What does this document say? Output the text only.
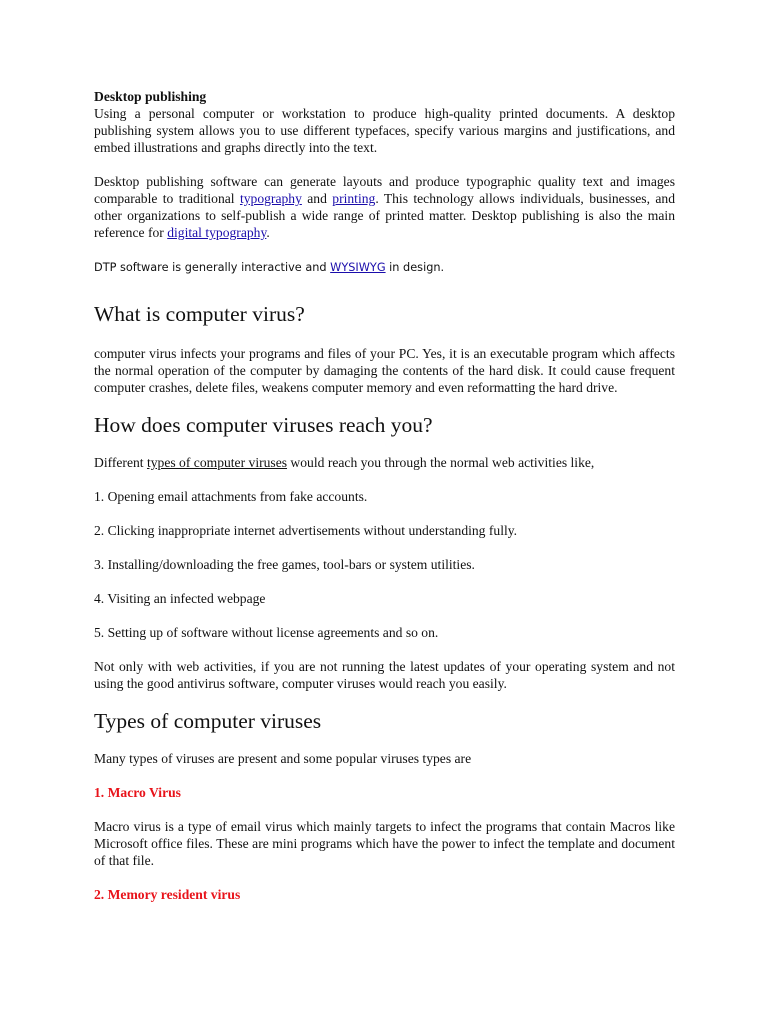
Desktop publishing

Using a personal computer or workstation to produce high-quality printed documents. A desktop publishing system allows you to use different typefaces, specify various margins and justifications, and embed illustrations and graphs directly into the text.

Desktop publishing software can generate layouts and produce typographic quality text and images comparable to traditional typography and printing. This technology allows individuals, businesses, and other organizations to self-publish a wide range of printed matter. Desktop publishing is also the main reference for digital typography.

DTP software is generally interactive and WYSIWYG in design.

What is computer virus?

computer virus infects your programs and files of your PC. Yes, it is an executable program which affects the normal operation of the computer by damaging the contents of the hard disk. It could cause frequent computer crashes, delete files, weakens computer memory and even reformatting the hard drive.

How does computer viruses reach you?

Different types of computer viruses would reach you through the normal web activities like,

1. Opening email attachments from fake accounts.

2. Clicking inappropriate internet advertisements without understanding fully.

3. Installing/downloading the free games, tool-bars or system utilities.

4. Visiting an infected webpage

5. Setting up of software without license agreements and so on.

Not only with web activities, if you are not running the latest updates of your operating system and not using the good antivirus software, computer viruses would reach you easily.

Types of computer viruses

Many types of viruses are present and some popular viruses types are

1. Macro Virus

Macro virus is a type of email virus which mainly targets to infect the programs that contain Macros like Microsoft office files. These are mini programs which have the power to infect the template and document of that file.

2. Memory resident virus
